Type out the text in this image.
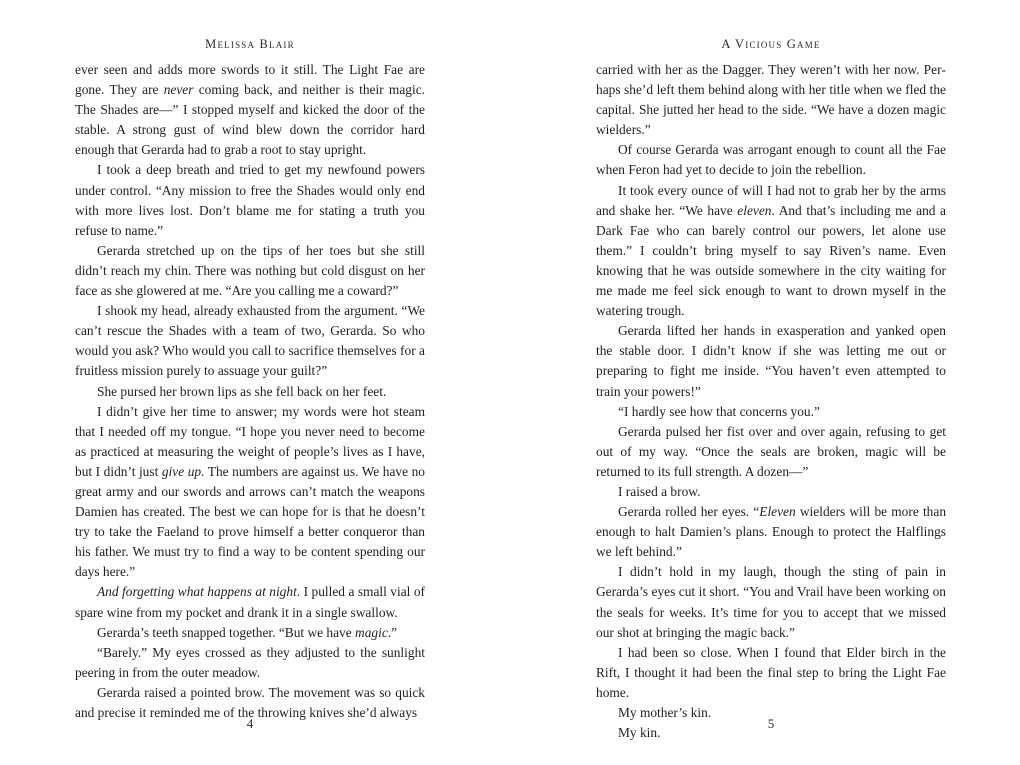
Melissa Blair

ever seen and adds more swords to it still. The Light Fae are gone. They are never coming back, and neither is their magic. The Shades are—” I stopped myself and kicked the door of the stable. A strong gust of wind blew down the corridor hard enough that Gerarda had to grab a root to stay upright.

I took a deep breath and tried to get my newfound powers under control. “Any mission to free the Shades would only end with more lives lost. Don’t blame me for stating a truth you refuse to name.”

Gerarda stretched up on the tips of her toes but she still didn’t reach my chin. There was nothing but cold disgust on her face as she glowered at me. “Are you calling me a coward?”

I shook my head, already exhausted from the argument. “We can’t rescue the Shades with a team of two, Gerarda. So who would you ask? Who would you call to sacrifice themselves for a fruitless mission purely to assuage your guilt?”

She pursed her brown lips as she fell back on her feet.

I didn’t give her time to answer; my words were hot steam that I needed off my tongue. “I hope you never need to become as practiced at measuring the weight of people’s lives as I have, but I didn’t just give up. The numbers are against us. We have no great army and our swords and arrows can’t match the weapons Damien has created. The best we can hope for is that he doesn’t try to take the Faeland to prove himself a better conqueror than his father. We must try to find a way to be content spending our days here.”

And forgetting what happens at night. I pulled a small vial of spare wine from my pocket and drank it in a single swallow.

Gerarda’s teeth snapped together. “But we have magic.”

“Barely.” My eyes crossed as they adjusted to the sunlight peering in from the outer meadow.

Gerarda raised a pointed brow. The movement was so quick and precise it reminded me of the throwing knives she’d always

4
A Vicious Game

carried with her as the Dagger. They weren’t with her now. Perhaps she’d left them behind along with her title when we fled the capital. She jutted her head to the side. “We have a dozen magic wielders.”

Of course Gerarda was arrogant enough to count all the Fae when Feron had yet to decide to join the rebellion.

It took every ounce of will I had not to grab her by the arms and shake her. “We have eleven. And that’s including me and a Dark Fae who can barely control our powers, let alone use them.” I couldn’t bring myself to say Riven’s name. Even knowing that he was outside somewhere in the city waiting for me made me feel sick enough to want to drown myself in the watering trough.

Gerarda lifted her hands in exasperation and yanked open the stable door. I didn’t know if she was letting me out or preparing to fight me inside. “You haven’t even attempted to train your powers!”

“I hardly see how that concerns you.”

Gerarda pulsed her fist over and over again, refusing to get out of my way. “Once the seals are broken, magic will be returned to its full strength. A dozen—”

I raised a brow.

Gerarda rolled her eyes. “Eleven wielders will be more than enough to halt Damien’s plans. Enough to protect the Halflings we left behind.”

I didn’t hold in my laugh, though the sting of pain in Gerarda’s eyes cut it short. “You and Vrail have been working on the seals for weeks. It’s time for you to accept that we missed our shot at bringing the magic back.”

I had been so close. When I found that Elder birch in the Rift, I thought it had been the final step to bring the Light Fae home.

My mother’s kin.

My kin.

5
